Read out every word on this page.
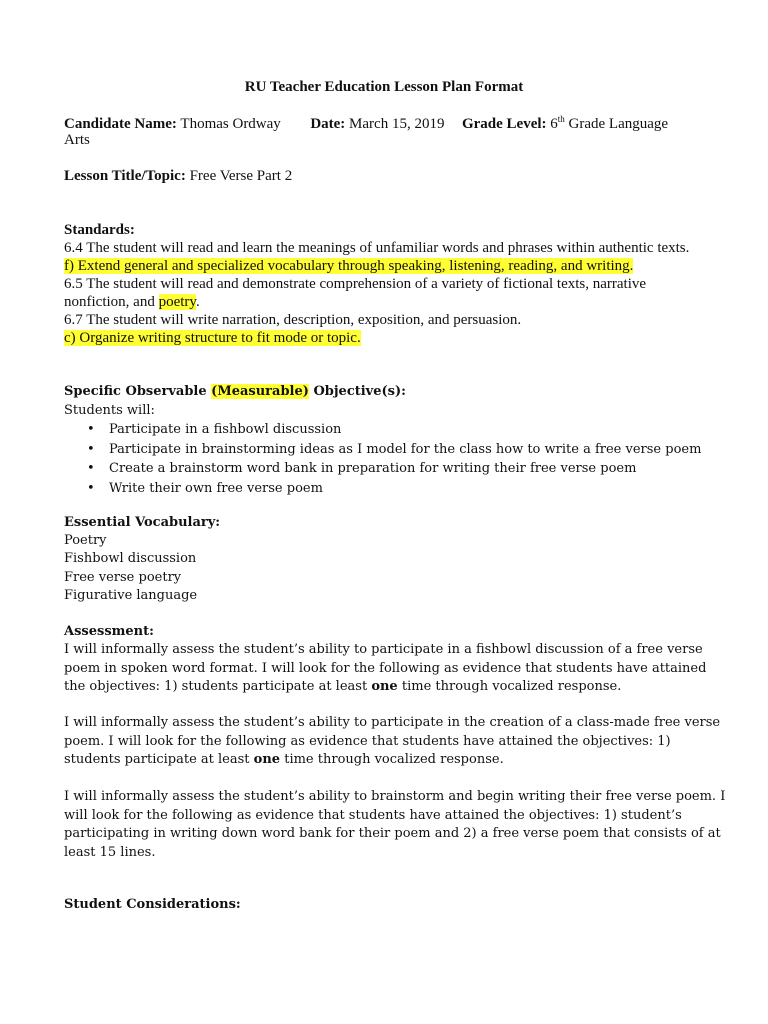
RU Teacher Education Lesson Plan Format
Candidate Name: Thomas Ordway Date: March 15, 2019 Grade Level: 6th Grade Language
Arts
Lesson Title/Topic: Free Verse Part 2
Standards:
6.4 The student will read and learn the meanings of unfamiliar words and phrases within authentic texts.
f) Extend general and specialized vocabulary through speaking, listening, reading, and writing.
6.5 The student will read and demonstrate comprehension of a variety of fictional texts, narrative
nonfiction, and poetry.
6.7 The student will write narration, description, exposition, and persuasion.
c) Organize writing structure to fit mode or topic.
Specific Observable (Measurable) Objective(s):
Students will:
• Participate in a fishbowl discussion
• Participate in brainstorming ideas as I model for the class how to write a free verse poem
• Create a brainstorm word bank in preparation for writing their free verse poem
• Write their own free verse poem
Essential Vocabulary:
Poetry
Fishbowl discussion
Free verse poetry
Figurative language
Assessment:
I will informally assess the student’s ability to participate in a fishbowl discussion of a free verse
poem in spoken word format. I will look for the following as evidence that students have attained
the objectives: 1) students participate at least one time through vocalized response.
I will informally assess the student’s ability to participate in the creation of a class-made free verse
poem. I will look for the following as evidence that students have attained the objectives: 1)
students participate at least one time through vocalized response.
I will informally assess the student’s ability to brainstorm and begin writing their free verse poem. I
will look for the following as evidence that students have attained the objectives: 1) student’s
participating in writing down word bank for their poem and 2) a free verse poem that consists of at
least 15 lines.
Student Considerations:
